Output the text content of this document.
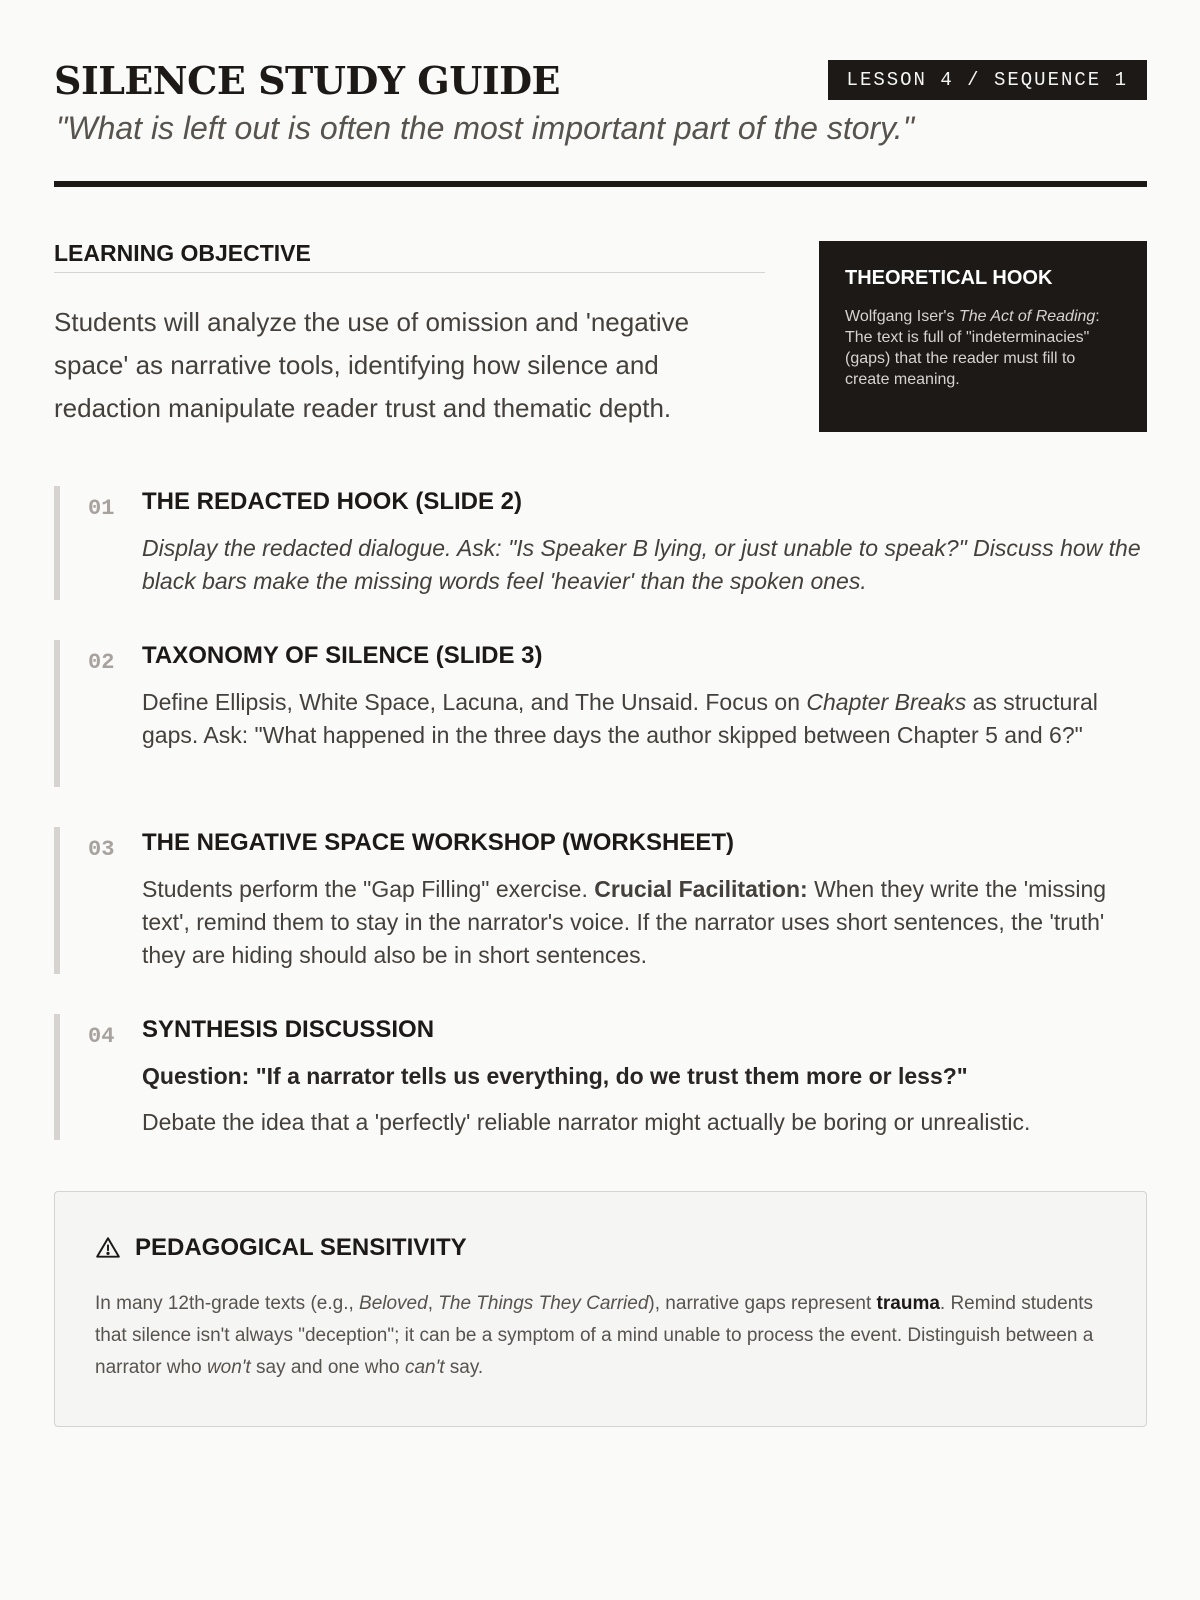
SILENCE STUDY GUIDE	LESSON 4 / SEQUENCE 1
"What is left out is often the most important part of the story."
LEARNING OBJECTIVE
Students will analyze the use of omission and 'negative space' as narrative tools, identifying how silence and redaction manipulate reader trust and thematic depth.
THEORETICAL HOOK
Wolfgang Iser's The Act of Reading: The text is full of "indeterminacies" (gaps) that the reader must fill to create meaning.
01 THE REDACTED HOOK (SLIDE 2)
Display the redacted dialogue. Ask: "Is Speaker B lying, or just unable to speak?" Discuss how the black bars make the missing words feel 'heavier' than the spoken ones.
02 TAXONOMY OF SILENCE (SLIDE 3)
Define Ellipsis, White Space, Lacuna, and The Unsaid. Focus on Chapter Breaks as structural gaps. Ask: "What happened in the three days the author skipped between Chapter 5 and 6?"
03 THE NEGATIVE SPACE WORKSHOP (WORKSHEET)
Students perform the "Gap Filling" exercise. Crucial Facilitation: When they write the 'missing text', remind them to stay in the narrator's voice. If the narrator uses short sentences, the 'truth' they are hiding should also be in short sentences.
04 SYNTHESIS DISCUSSION
Question: "If a narrator tells us everything, do we trust them more or less?"
Debate the idea that a 'perfectly' reliable narrator might actually be boring or unrealistic.
PEDAGOGICAL SENSITIVITY
In many 12th-grade texts (e.g., Beloved, The Things They Carried), narrative gaps represent trauma. Remind students that silence isn't always "deception"; it can be a symptom of a mind unable to process the event. Distinguish between a narrator who won't say and one who can't say.
